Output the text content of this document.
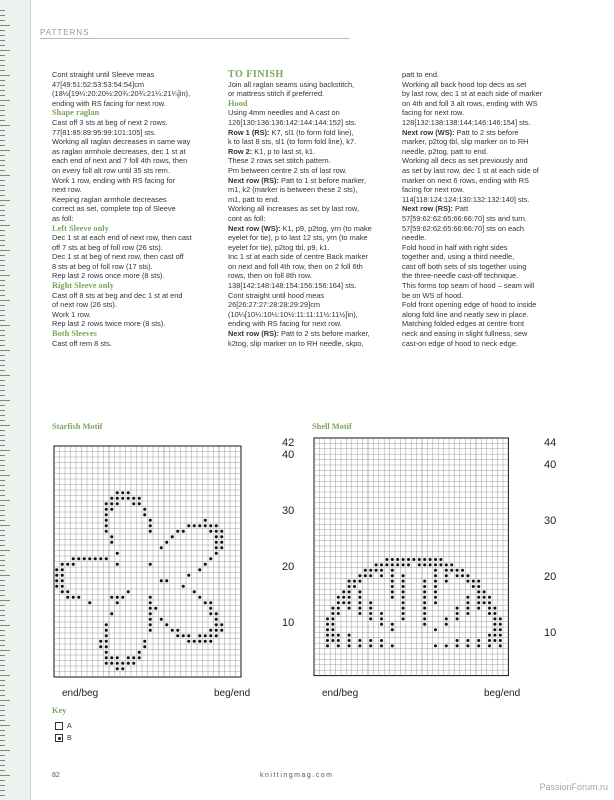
PATTERNS

Cont straight until Sleeve meas

47[49:51:52:53:53:54:54]cm

(18½[19¼:20:20½:20¾:20¾:21¼:21¼]in),

ending with RS facing for next row.

Shape raglan

Cast off 3 sts at beg of next 2 rows.

77[81:85:89:95:99:101:105] sts.

Working all raglan decreases in same way

as raglan armhole decreases, dec 1 st at

each end of next and 7 foll 4th rows, then

on every foll alt row until 35 sts rem.

Work 1 row, ending with RS facing for

next row.

Keeping raglan armhole decreases

correct as set, complete top of Sleeve

as foll:

Left Sleeve only

Dec 1 st at each end of next row, then cast

off 7 sts at beg of foll row (26 sts).

Dec 1 st at beg of next row, then cast off

8 sts at beg of foll row (17 sts).

Rep last 2 rows once more (8 sts).

Right Sleeve only

Cast off 8 sts at beg and dec 1 st at end

of next row (26 sts).

Work 1 row.

Rep last 2 rows twice more (8 sts).

Both Sleeves

Cast off rem 8 sts.

TO FINISH

Join all raglan seams using backstitch,

or mattress stitch if preferred.

Hood

Using 4mm needles and A cast on

126[130:136:136:142:144:144:152] sts.

Row 1 (RS): K7, sl1 (to form fold line),

k to last 8 sts, sl1 (to form fold line), k7.

Row 2: K1, p to last st, k1.

These 2 rows set stitch pattern.

Pm between centre 2 sts of last row.

Next row (RS): Patt to 1 st before marker,

m1, k2 (marker is between these 2 sts),

m1, patt to end.

Working all increases as set by last row,

cont as foll:

Next row (WS): K1, p9, p2tog, yrn (to make

eyelet for tie), p to last 12 sts, yrn (to make

eyelet for tie), p2tog tbl, p9, k1.

Inc 1 st at each side of centre Back marker

on next and foll 4th row, then on 2 foll 6th

rows, then on foll 8th row.

138[142:148:148:154:156:156:164] sts.

Cont straight until hood meas

26[26:27:27:28:28:29:29]cm

(10¼[10¼:10½:10½:11:11:11½:11½]in),

ending with RS facing for next row.

Next row (RS): Patt to 2 sts before marker,

k2tog, slip marker on to RH needle, skpo,

patt to end.

Working all back hood top decs as set

by last row, dec 1 st at each side of marker

on 4th and foll 3 alt rows, ending with WS

facing for next row.

128[132:138:138:144:146:146:154] sts.

Next row (WS): Patt to 2 sts before

marker, p2tog tbl, slip marker on to RH

needle, p2tog, patt to end.

Working all decs as set previously and

as set by last row, dec 1 st at each side of

marker on next 6 rows, ending with RS

facing for next row.

114[118:124:124:130:132:132:140] sts.

Next row (RS): Patt

57[59:62:62:65:66:66:70] sts and turn.

57[59:62:62:65:66:66:70] sts on each

needle.

Fold hood in half with right sides

together and, using a third needle,

cast off both sets of sts together using

the three-needle cast-off technique.

This forms top seam of hood – seam will

be on WS of hood.

Fold front opening edge of hood to inside

along fold line and neatly sew in place.

Matching folded edges at centre front

neck and easing in slight fullness, sew

cast-on edge of hood to neck edge.

Starfish Motif	Shell Motif
42
40
30
20
10
end/beg	beg/end
44
40
30
20
10
end/beg	beg/end
Key
A
B
82	knittingmag.com
PassionForum.ru
